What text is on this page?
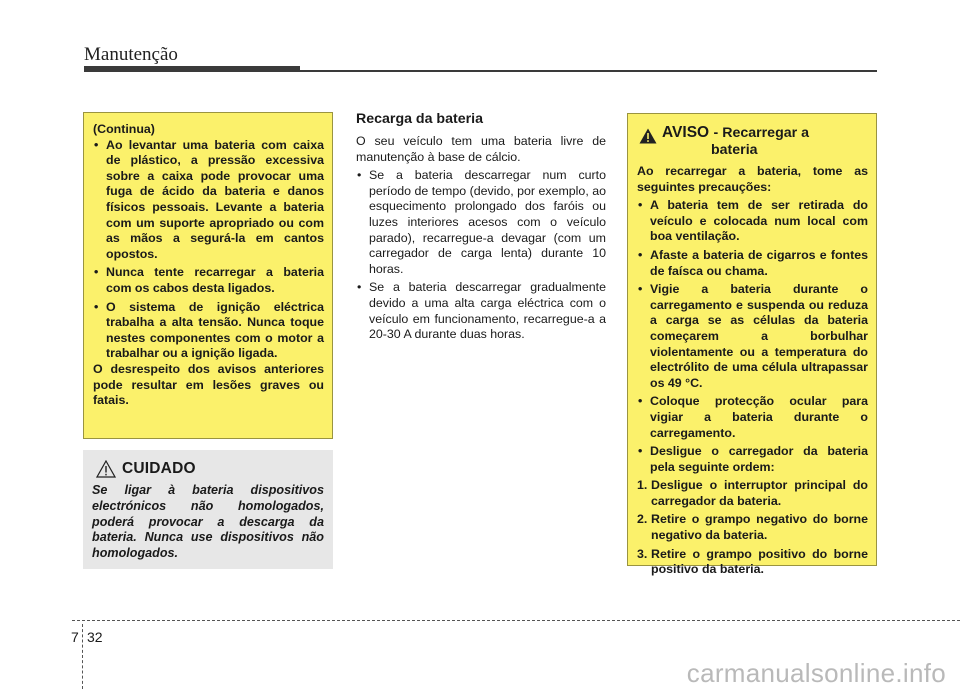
Manutenção
(Continua)
• Ao levantar uma bateria com caixa de plástico, a pressão excessiva sobre a caixa pode provocar uma fuga de ácido da bateria e danos físicos pessoais. Levante a bateria com um suporte apropriado ou com as mãos a segurá-la em cantos opostos.
• Nunca tente recarregar a bateria com os cabos desta ligados.
• O sistema de ignição eléctrica trabalha a alta tensão. Nunca toque nestes componentes com o motor a trabalhar ou a ignição ligada.
O desrespeito dos avisos anteriores pode resultar em lesões graves ou fatais.
CUIDADO
Se ligar à bateria dispositivos electrónicos não homologados, poderá provocar a descarga da bateria. Nunca use dispositivos não homologados.
Recarga da bateria
O seu veículo tem uma bateria livre de manutenção à base de cálcio.
• Se a bateria descarregar num curto período de tempo (devido, por exemplo, ao esquecimento prolongado dos faróis ou luzes interiores acesos com o veículo parado), recarregue-a devagar (com um carregador de carga lenta) durante 10 horas.
• Se a bateria descarregar gradualmente devido a uma alta carga eléctrica com o veículo em funcionamento, recarregue-a a 20-30 A durante duas horas.
AVISO - Recarregar a
bateria
Ao recarregar a bateria, tome as seguintes precauções:
• A bateria tem de ser retirada do veículo e colocada num local com boa ventilação.
• Afaste a bateria de cigarros e fontes de faísca ou chama.
• Vigie a bateria durante o carregamento e suspenda ou reduza a carga se as células da bateria começarem a borbulhar violentamente ou a temperatura do electrólito de uma célula ultrapassar os 49 °C.
• Coloque protecção ocular para vigiar a bateria durante o carregamento.
• Desligue o carregador da bateria pela seguinte ordem:
1. Desligue o interruptor principal do carregador da bateria.
2. Retire o grampo negativo do borne negativo da bateria.
3. Retire o grampo positivo do borne positivo da bateria.
7 32
carmanualsonline.info
